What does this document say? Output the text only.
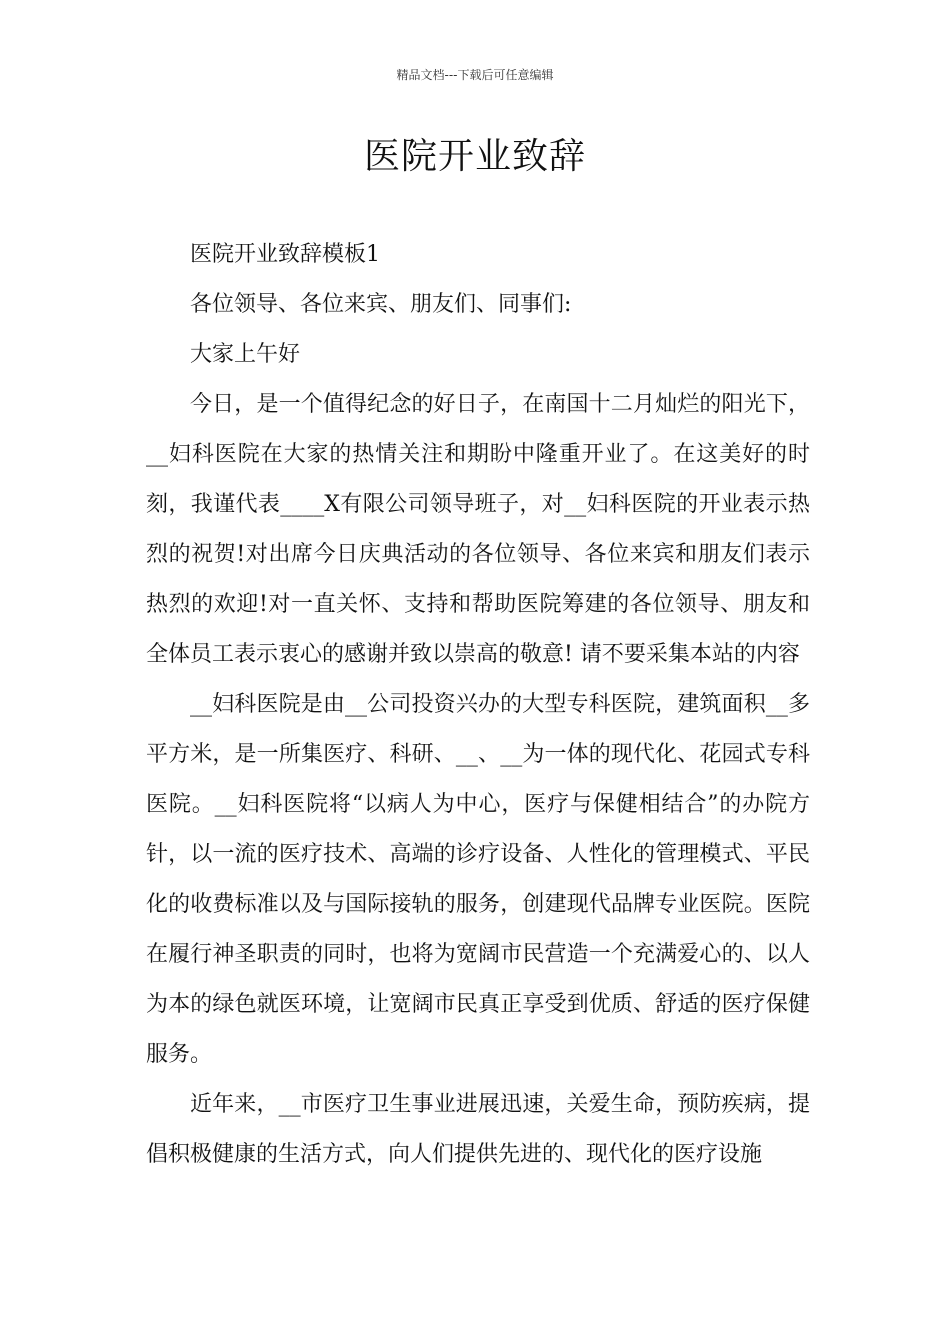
精品文档---下载后可任意编辑
医院开业致辞

医院开业致辞模板1

各位领导、各位来宾、朋友们、同事们:

大家上午好

今日，是一个值得纪念的好日子，在南国十二月灿烂的阳光下，__妇科医院在大家的热情关注和期盼中隆重开业了。在这美好的时刻，我谨代表____X有限公司领导班子，对__妇科医院的开业表示热烈的祝贺!对出席今日庆典活动的各位领导、各位来宾和朋友们表示热烈的欢迎!对一直关怀、支持和帮助医院筹建的各位领导、朋友和全体员工表示衷心的感谢并致以崇高的敬意! 请不要采集本站的内容

__妇科医院是由__公司投资兴办的大型专科医院，建筑面积__多平方米，是一所集医疗、科研、__、__为一体的现代化、花园式专科医院。__妇科医院将“以病人为中心，医疗与保健相结合”的办院方针，以一流的医疗技术、高端的诊疗设备、人性化的管理模式、平民化的收费标准以及与国际接轨的服务，创建现代品牌专业医院。医院在履行神圣职责的同时，也将为宽阔市民营造一个充满爱心的、以人为本的绿色就医环境，让宽阔市民真正享受到优质、舒适的医疗保健服务。

近年来，__市医疗卫生事业进展迅速，关爱生命，预防疾病，提倡积极健康的生活方式，向人们提供先进的、现代化的医疗设施
